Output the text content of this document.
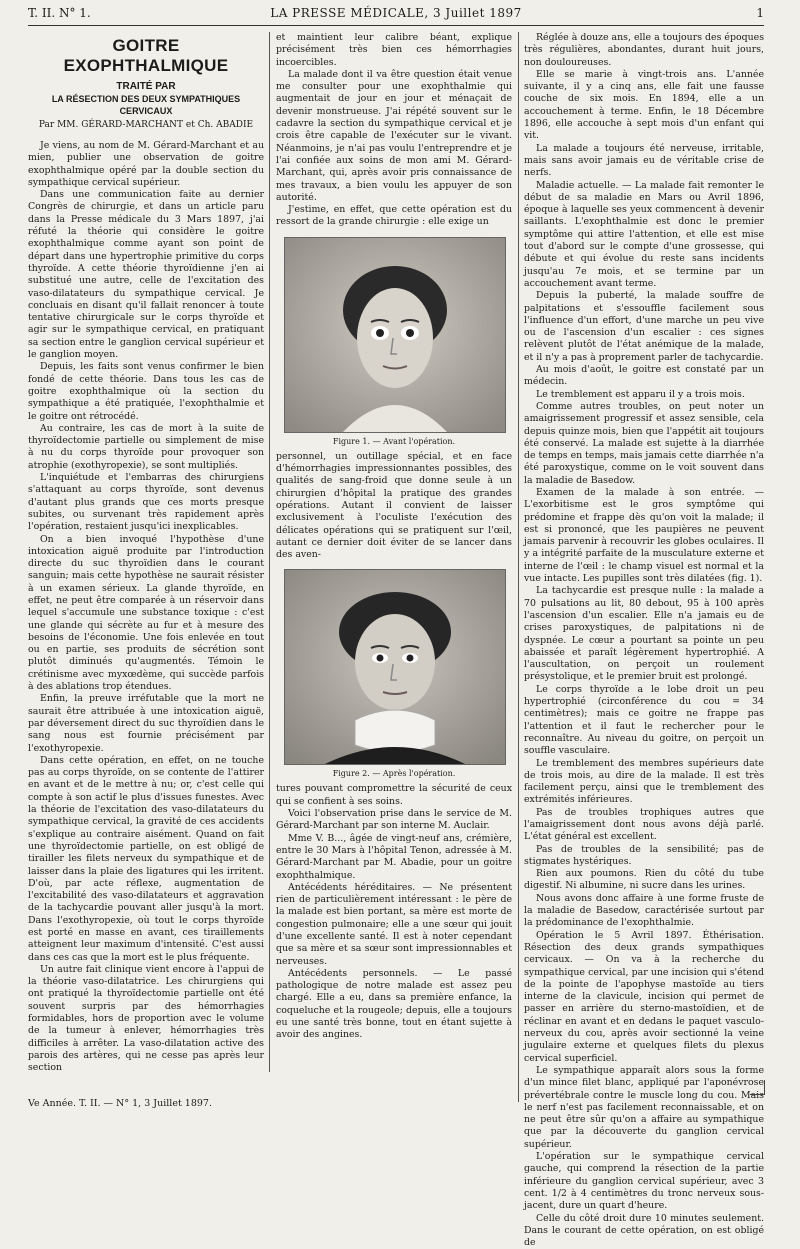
T. II. N° 1.	LA PRESSE MÉDICALE, 3 Juillet 1897	1
GOITRE EXOPHTHALMIQUE
TRAITÉ PAR
LA RÉSECTION DES DEUX SYMPATHIQUES CERVICAUX
Par MM. GÉRARD-MARCHANT et Ch. ABADIE

Je viens, au nom de M. Gérard-Marchant et au mien, publier une observation de goitre exophthalmique opéré par la double section du sympathique cervical supérieur.

Dans une communication faite au dernier Congrès de chirurgie, et dans un article paru dans la Presse médicale du 3 Mars 1897, j'ai réfuté la théorie qui considère le goitre exophthalmique comme ayant son point de départ dans une hypertrophie primitive du corps thyroïde. A cette théorie thyroïdienne j'en ai substitué une autre, celle de l'excitation des vaso-dilatateurs du sympathique cervical. Je concluais en disant qu'il fallait renoncer à toute tentative chirurgicale sur le corps thyroïde et agir sur le sympathique cervical, en pratiquant sa section entre le ganglion cervical supérieur et le ganglion moyen.

Depuis, les faits sont venus confirmer le bien fondé de cette théorie. Dans tous les cas de goitre exophthalmique où la section du sympathique a été pratiquée, l'exophthalmie et le goitre ont rétrocédé.

Au contraire, les cas de mort à la suite de thyroïdectomie partielle ou simplement de mise à nu du corps thyroïde pour provoquer son atrophie (exothyropexie), se sont multipliés.

L'inquiétude et l'embarras des chirurgiens s'attaquant au corps thyroïde, sont devenus d'autant plus grands que ces morts presque subites, ou survenant très rapidement après l'opération, restaient jusqu'ici inexplicables.

On a bien invoqué l'hypothèse d'une intoxication aiguë produite par l'introduction directe du suc thyroïdien dans le courant sanguin; mais cette hypothèse ne saurait résister à un examen sérieux. La glande thyroïde, en effet, ne peut être comparée à un réservoir dans lequel s'accumule une substance toxique : c'est une glande qui sécrète au fur et à mesure des besoins de l'économie. Une fois enlevée en tout ou en partie, ses produits de sécrétion sont plutôt diminués qu'augmentés. Témoin le crétinisme avec myxœdème, qui succède parfois à des ablations trop étendues.

Enfin, la preuve irréfutable que la mort ne saurait être attribuée à une intoxication aiguë, par déversement direct du suc thyroïdien dans le sang nous est fournie précisément par l'exothyropexie.

Dans cette opération, en effet, on ne touche pas au corps thyroïde, on se contente de l'attirer en avant et de le mettre à nu; or, c'est celle qui compte à son actif le plus d'issues funestes. Avec la théorie de l'excitation des vaso-dilatateurs du sympathique cervical, la gravité de ces accidents s'explique au contraire aisément. Quand on fait une thyroïdectomie partielle, on est obligé de tirailler les filets nerveux du sympathique et de laisser dans la plaie des ligatures qui les irritent. D'où, par acte réflexe, augmentation de l'excitabilité des vaso-dilatateurs et aggravation de la tachycardie pouvant aller jusqu'à la mort. Dans l'exothyropexie, où tout le corps thyroïde est porté en masse en avant, ces tiraillements atteignent leur maximum d'intensité. C'est aussi dans ces cas que la mort est le plus fréquente.

Un autre fait clinique vient encore à l'appui de la théorie vaso-dilatatrice. Les chirurgiens qui ont pratiqué la thyroïdectomie partielle ont été souvent surpris par des hémorrhagies formidables, hors de proportion avec le volume de la tumeur à enlever, hémorrhagies très difficiles à arrêter. La vaso-dilatation active des parois des artères, qui ne cesse pas après leur section

et maintient leur calibre béant, explique précisément très bien ces hémorrhagies incoercibles.

La malade dont il va être question était venue me consulter pour une exophthalmie qui augmentait de jour en jour et ménaçait de devenir monstrueuse. J'ai répété souvent sur le cadavre la section du sympathique cervical et je crois être capable de l'exécuter sur le vivant. Néanmoins, je n'ai pas voulu l'entreprendre et je l'ai confiée aux soins de mon ami M. Gérard-Marchant, qui, après avoir pris connaissance de mes travaux, a bien voulu les appuyer de son autorité.

J'estime, en effet, que cette opération est du ressort de la grande chirurgie : elle exige un

Figure 1. — Avant l'opération.

personnel, un outillage spécial, et en face d'hémorrhagies impressionnantes possibles, des qualités de sang-froid que donne seule à un chirurgien d'hôpital la pratique des grandes opérations. Autant il convient de laisser exclusivement à l'oculiste l'exécution des délicates opérations qui se pratiquent sur l'œil, autant ce dernier doit éviter de se lancer dans des aven-

Figure 2. — Après l'opération.

tures pouvant compromettre la sécurité de ceux qui se confient à ses soins.

Voici l'observation prise dans le service de M. Gérard-Marchant par son interne M. Auclair.

Mme V. B..., âgée de vingt-neuf ans, crémière, entre le 30 Mars à l'hôpital Tenon, adressée à M. Gérard-Marchant par M. Abadie, pour un goitre exophthalmique.

Antécédents héréditaires. — Ne présentent rien de particulièrement intéressant : le père de la malade est bien portant, sa mère est morte de congestion pulmonaire; elle a une sœur qui jouit d'une excellente santé. Il est à noter cependant que sa mère et sa sœur sont impressionnables et nerveuses.

Antécédents personnels. — Le passé pathologique de notre malade est assez peu chargé. Elle a eu, dans sa première enfance, la coqueluche et la rougeole; depuis, elle a toujours eu une santé très bonne, tout en étant sujette à avoir des angines.

Réglée à douze ans, elle a toujours des époques très régulières, abondantes, durant huit jours, non douloureuses.

Elle se marie à vingt-trois ans. L'année suivante, il y a cinq ans, elle fait une fausse couche de six mois. En 1894, elle a un accouchement à terme. Enfin, le 18 Décembre 1896, elle accouche à sept mois d'un enfant qui vit.

La malade a toujours été nerveuse, irritable, mais sans avoir jamais eu de véritable crise de nerfs.

Maladie actuelle. — La malade fait remonter le début de sa maladie en Mars ou Avril 1896, époque à laquelle ses yeux commencent à devenir saillants. L'exophthalmie est donc le premier symptôme qui attire l'attention, et elle est mise tout d'abord sur le compte d'une grossesse, qui débute et qui évolue du reste sans incidents jusqu'au 7e mois, et se termine par un accouchement avant terme.

Depuis la puberté, la malade souffre de palpitations et s'essouffle facilement sous l'influence d'un effort, d'une marche un peu vive ou de l'ascension d'un escalier : ces signes relèvent plutôt de l'état anémique de la malade, et il n'y a pas à proprement parler de tachycardie.

Au mois d'août, le goitre est constaté par un médecin.

Le tremblement est apparu il y a trois mois.

Comme autres troubles, on peut noter un amaigrissement progressif et assez sensible, cela depuis quinze mois, bien que l'appétit ait toujours été conservé. La malade est sujette à la diarrhée de temps en temps, mais jamais cette diarrhée n'a été paroxystique, comme on le voit souvent dans la maladie de Basedow.

Examen de la malade à son entrée. — L'exorbitisme est le gros symptôme qui prédomine et frappe dès qu'on voit la malade; il est si prononcé, que les paupières ne peuvent jamais parvenir à recouvrir les globes oculaires. Il y a intégrité parfaite de la musculature externe et interne de l'œil : le champ visuel est normal et la vue intacte. Les pupilles sont très dilatées (fig. 1).

La tachycardie est presque nulle : la malade a 70 pulsations au lit, 80 debout, 95 à 100 après l'ascension d'un escalier. Elle n'a jamais eu de crises paroxystiques, de palpitations ni de dyspnée. Le cœur a pourtant sa pointe un peu abaissée et paraît légèrement hypertrophié. A l'auscultation, on perçoit un roulement présystolique, et le premier bruit est prolongé.

Le corps thyroïde a le lobe droit un peu hypertrophié (circonférence du cou = 34 centimètres); mais ce goitre ne frappe pas l'attention et il faut le rechercher pour le reconnaître. Au niveau du goitre, on perçoit un souffle vasculaire.

Le tremblement des membres supérieurs date de trois mois, au dire de la malade. Il est très facilement perçu, ainsi que le tremblement des extrémités inférieures.

Pas de troubles trophiques autres que l'amaigrissement dont nous avons déjà parlé. L'état général est excellent.

Pas de troubles de la sensibilité; pas de stigmates hystériques.

Rien aux poumons. Rien du côté du tube digestif. Ni albumine, ni sucre dans les urines.

Nous avons donc affaire à une forme fruste de la maladie de Basedow, caractérisée surtout par la prédominance de l'exophthalmie.

Opération le 5 Avril 1897. Éthérisation. Résection des deux grands sympathiques cervicaux. — On va à la recherche du sympathique cervical, par une incision qui s'étend de la pointe de l'apophyse mastoïde au tiers interne de la clavicule, incision qui permet de passer en arrière du sterno-mastoïdien, et de réclinar en avant et en dedans le paquet vasculo-nerveux du cou, après avoir sectionné la veine jugulaire externe et quelques filets du plexus cervical superficiel.

Le sympathique apparaît alors sous la forme d'un mince filet blanc, appliqué par l'aponévrose prévertébrale contre le muscle long du cou. Mais le nerf n'est pas facilement reconnaissable, et on ne peut être sûr qu'on a affaire au sympathique que par la découverte du ganglion cervical supérieur.

L'opération sur le sympathique cervical gauche, qui comprend la résection de la partie inférieure du ganglion cervical supérieur, avec 3 cent. 1/2 à 4 centimètres du tronc nerveux sous-jacent, dure un quart d'heure.

Celle du côté droit dure 10 minutes seulement. Dans le courant de cette opération, on est obligé de

Ve Année. T. II. — N° 1, 3 Juillet 1897.
